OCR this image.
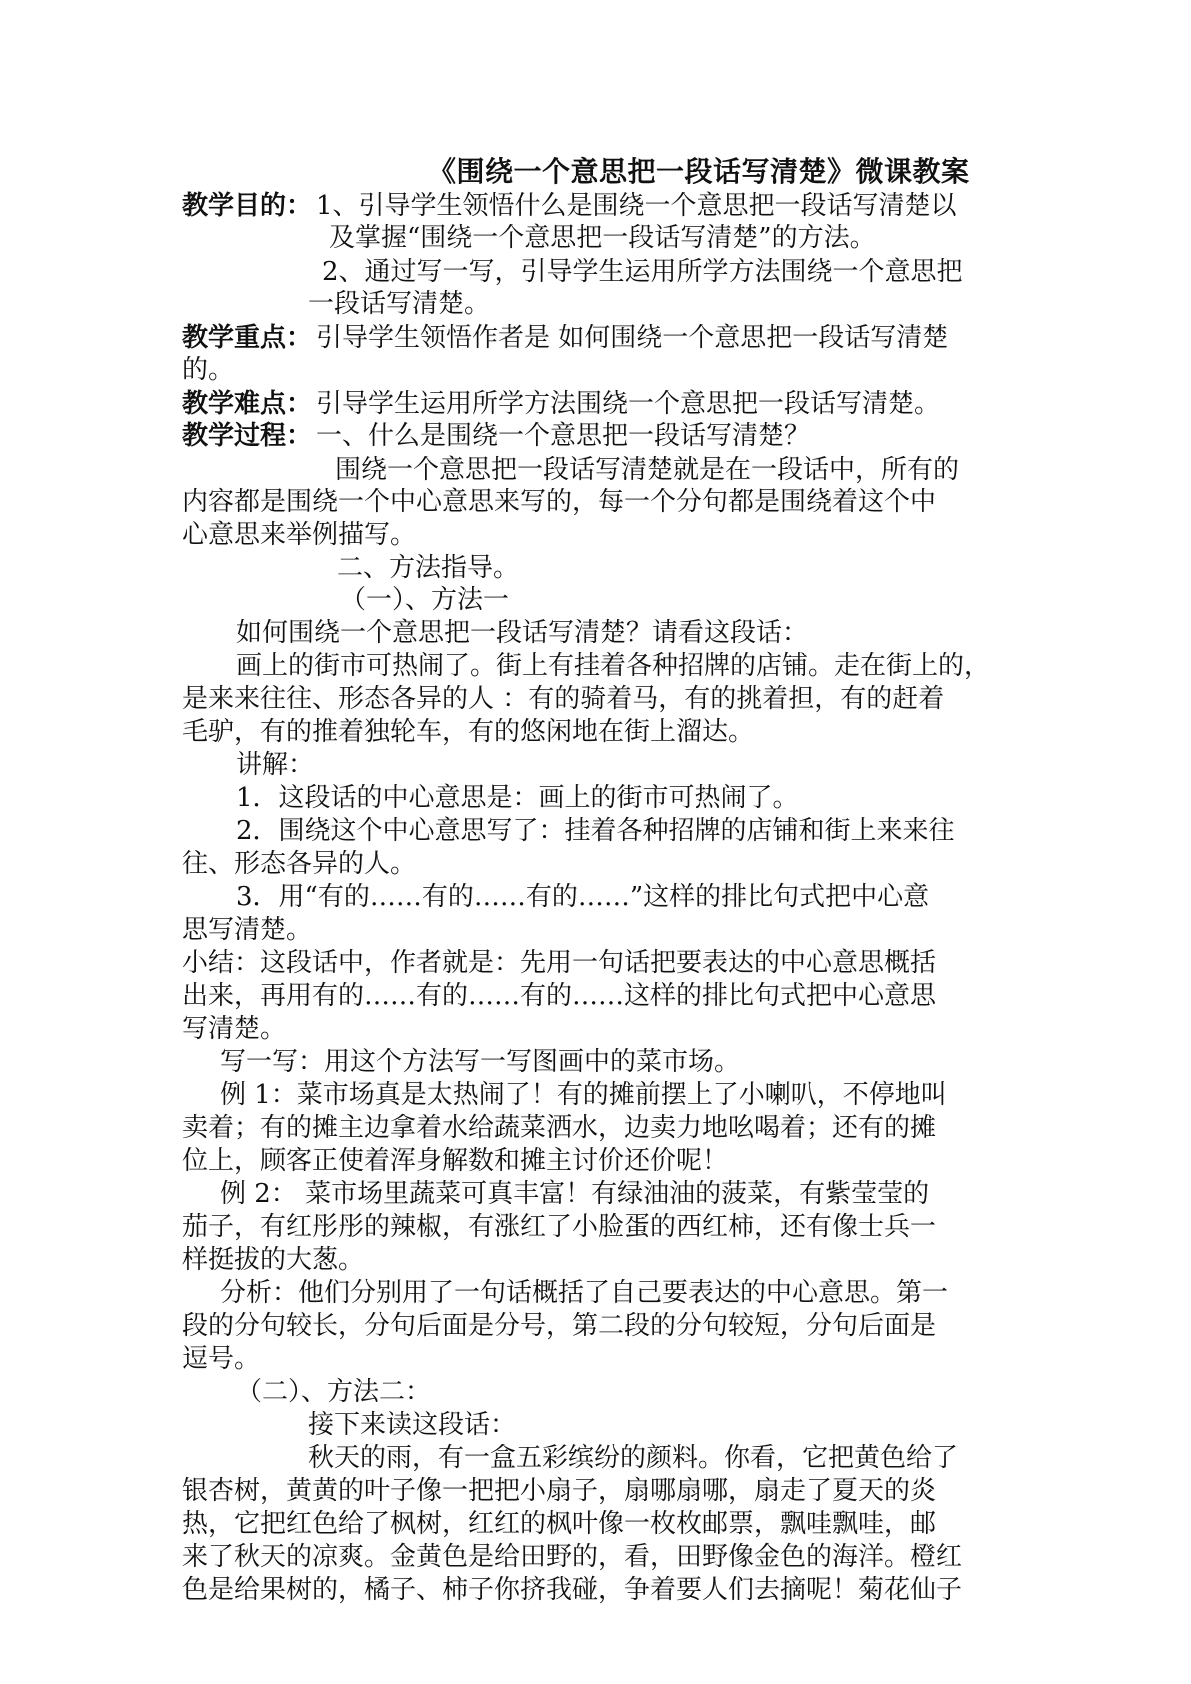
《围绕一个意思把一段话写清楚》微课教案
教学目的： 1、引导学生领悟什么是围绕一个意思把一段话写清楚以
及掌握“围绕一个意思把一段话写清楚”的方法。
2、通过写一写，引导学生运用所学方法围绕一个意思把
一段话写清楚。
教学重点： 引导学生领悟作者是 如何围绕一个意思把一段话写清楚
的。
教学难点： 引导学生运用所学方法围绕一个意思把一段话写清楚。
教学过程： 一、什么是围绕一个意思把一段话写清楚？
围绕一个意思把一段话写清楚就是在一段话中，所有的
内容都是围绕一个中心意思来写的，每一个分句都是围绕着这个中
心意思来举例描写。
二、方法指导。
（一）、方法一
如何围绕一个意思把一段话写清楚？请看这段话：
画上的街市可热闹了。街上有挂着各种招牌的店铺。走在街上的，
是来来往往、形态各异的人 ：有的骑着马，有的挑着担，有的赶着
毛驴，有的推着独轮车，有的悠闲地在街上溜达。
讲解：
1．这段话的中心意思是：画上的街市可热闹了。
2．围绕这个中心意思写了：挂着各种招牌的店铺和街上来来往
往、形态各异的人。
3．用“有的……有的……有的……”这样的排比句式把中心意
思写清楚。
小结：这段话中，作者就是：先用一句话把要表达的中心意思概括
出来，再用有的……有的……有的……这样的排比句式把中心意思
写清楚。
写一写：用这个方法写一写图画中的菜市场。
例 1：菜市场真是太热闹了！有的摊前摆上了小喇叭，不停地叫
卖着；有的摊主边拿着水给蔬菜洒水，边卖力地吆喝着；还有的摊
位上，顾客正使着浑身解数和摊主讨价还价呢！
例 2： 菜市场里蔬菜可真丰富！有绿油油的菠菜，有紫莹莹的
茄子，有红彤彤的辣椒，有涨红了小脸蛋的西红柿，还有像士兵一
样挺拔的大葱。
分析：他们分别用了一句话概括了自己要表达的中心意思。第一
段的分句较长，分句后面是分号，第二段的分句较短，分句后面是
逗号。
（二）、方法二：
接下来读这段话：
秋天的雨，有一盒五彩缤纷的颜料。你看，它把黄色给了
银杏树，黄黄的叶子像一把把小扇子，扇哪扇哪，扇走了夏天的炎
热，它把红色给了枫树，红红的枫叶像一枚枚邮票，飘哇飘哇，邮
来了秋天的凉爽。金黄色是给田野的，看，田野像金色的海洋。橙红
色是给果树的，橘子、柿子你挤我碰，争着要人们去摘呢！菊花仙子
